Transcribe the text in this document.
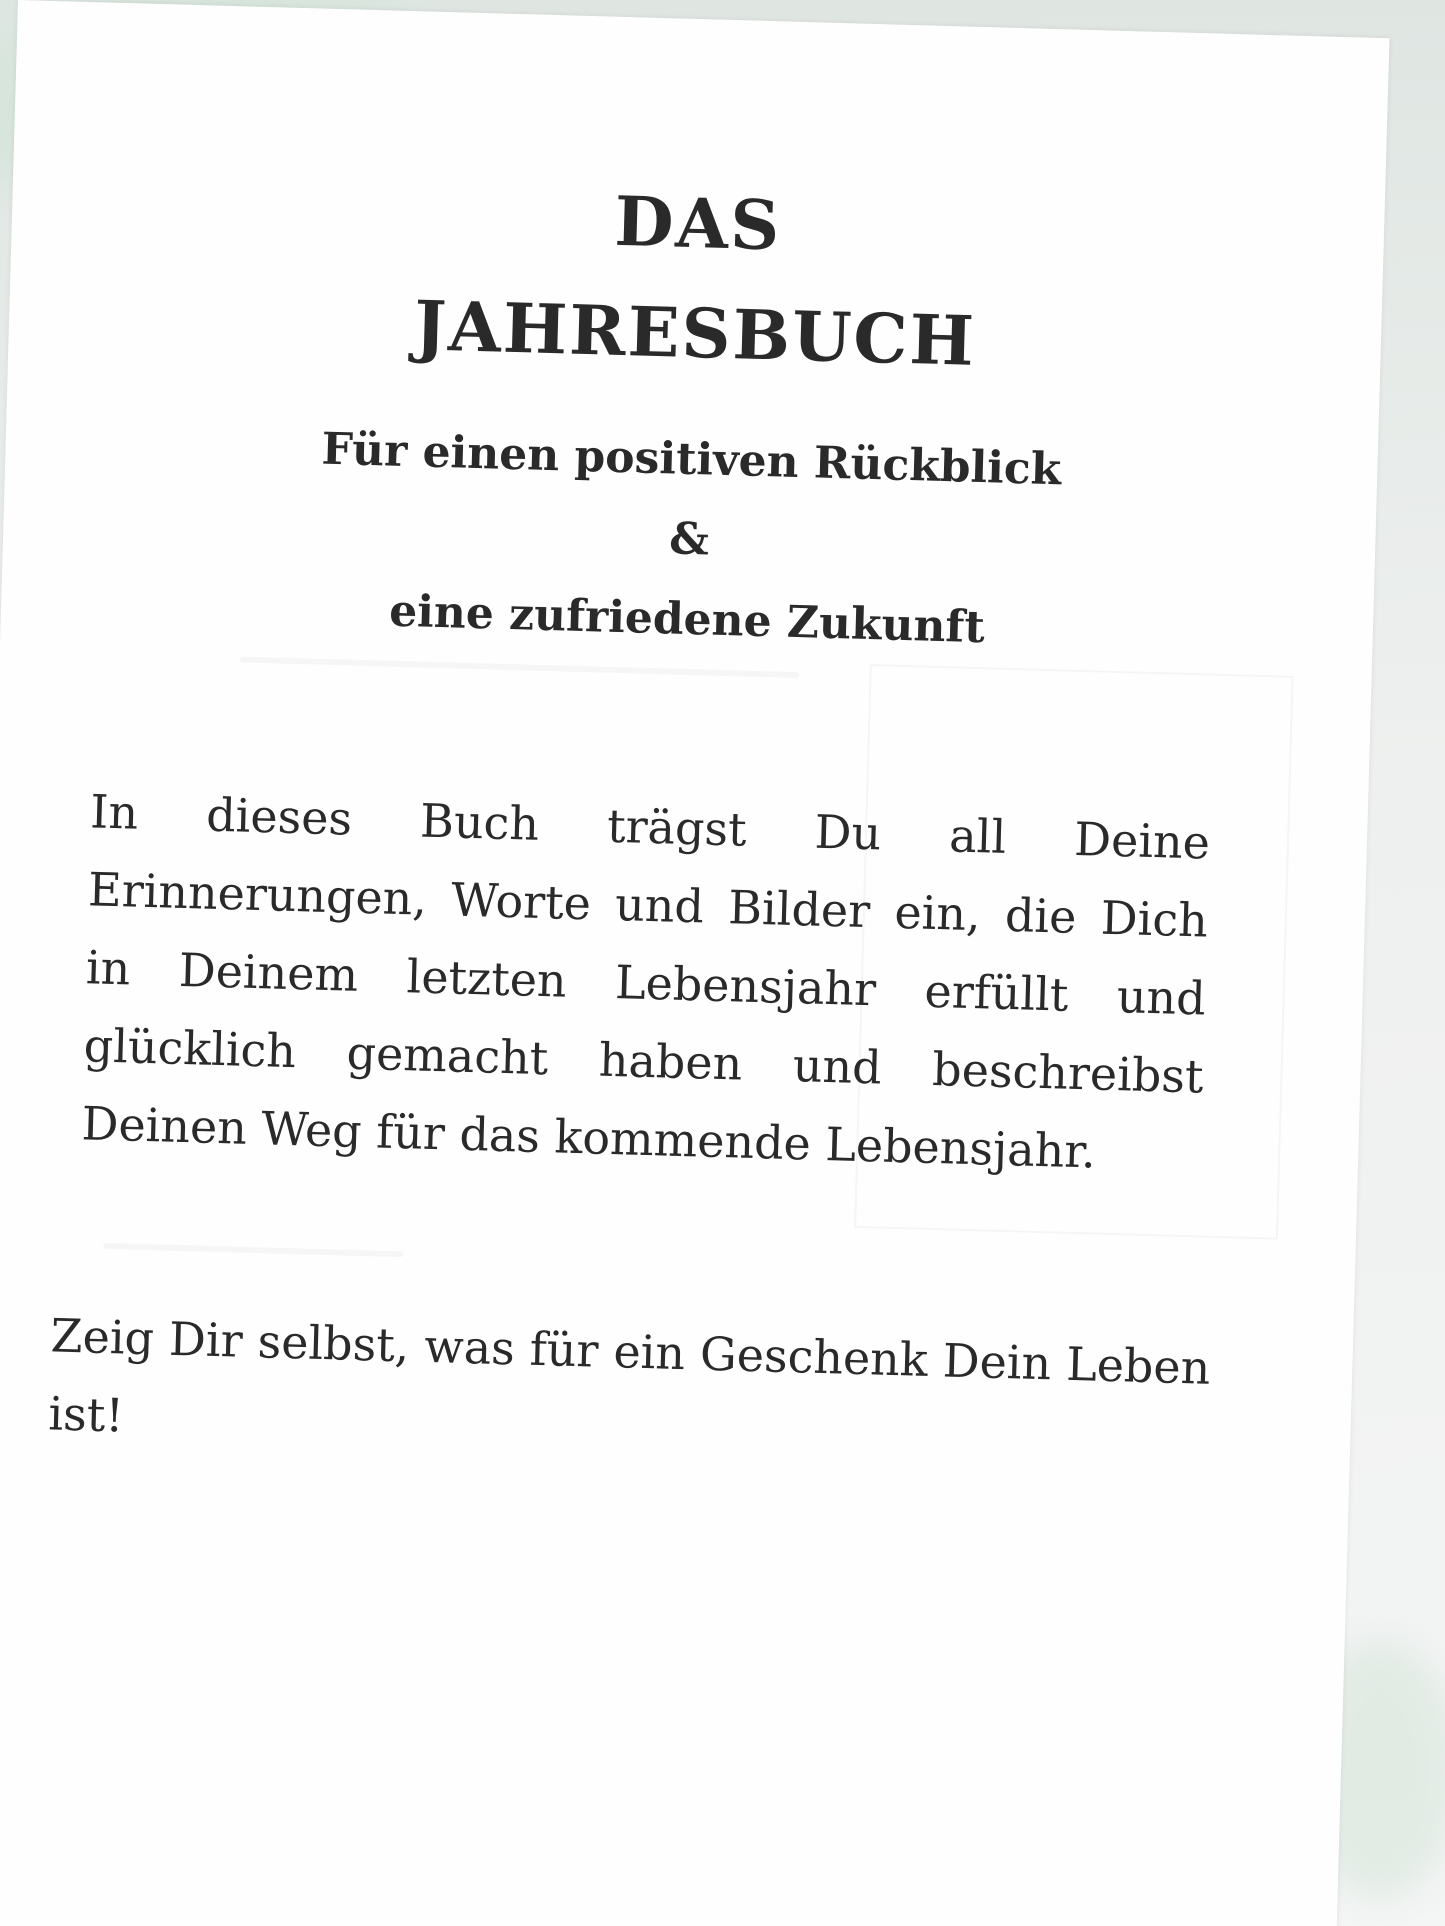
DAS
JAHRESBUCH
Für einen positiven Rückblick
&
eine zufriedene Zukunft

In dieses Buch trägst Du all Deine Erinnerungen, Worte und Bilder ein, die Dich in Deinem letzten Lebensjahr erfüllt und glücklich gemacht haben und beschreibst Deinen Weg für das kommende Lebensjahr.

Zeig Dir selbst, was für ein Geschenk Dein Leben ist!
